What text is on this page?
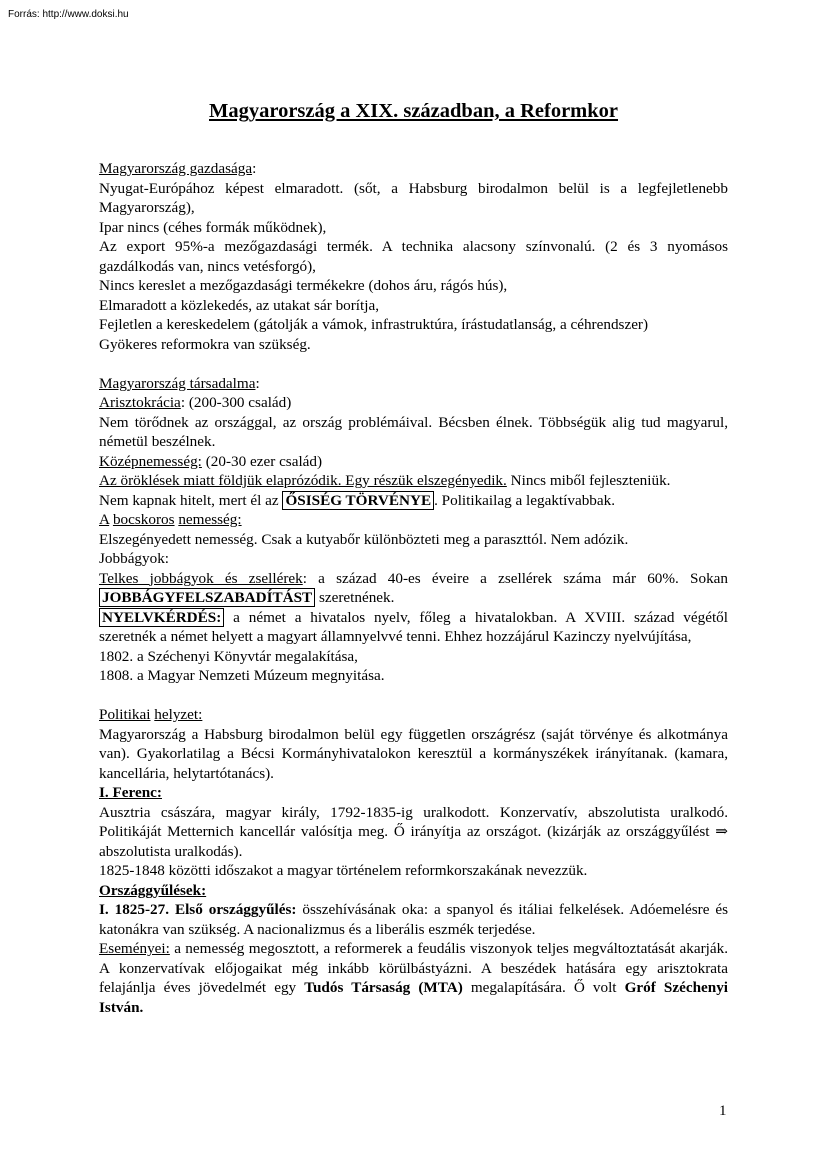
Forrás: http://www.doksi.hu
Magyarország a XIX. században, a Reformkor

Magyarország gazdasága:

Nyugat-Európához képest elmaradott. (sőt, a Habsburg birodalmon belül is a legfejletlenebb Magyarország),

Ipar nincs (céhes formák működnek),

Az export 95%-a mezőgazdasági termék. A technika alacsony színvonalú. (2 és 3 nyomásos gazdálkodás van, nincs vetésforgó),

Nincs kereslet a mezőgazdasági termékekre (dohos áru, rágós hús),

Elmaradott a közlekedés, az utakat sár borítja,

Fejletlen a kereskedelem (gátolják a vámok, infrastruktúra, írástudatlanság, a céhrendszer)

Gyökeres reformokra van szükség.

Magyarország társadalma:

Arisztokrácia: (200-300 család)

Nem törődnek az országgal, az ország problémáival. Bécsben élnek. Többségük alig tud magyarul, németül beszélnek.

Középnemesség: (20-30 ezer család)

Az öröklések miatt földjük elaprózódik. Egy részük elszegényedik. Nincs miből fejleszteniük.

Nem kapnak hitelt, mert él az ŐSISÉG TÖRVÉNYE . Politikailag a legaktívabbak.

A bocskoros nemesség:

Elszegényedett nemesség. Csak a kutyabőr különbözteti meg a paraszttól. Nem adózik.

Jobbágyok:

Telkes jobbágyok és zsellérek: a század 40-es éveire a zsellérek száma már 60%. Sokan JOBBÁGYFELSZABADÍTÁST szeretnének.

NYELVKÉRDÉS: a német a hivatalos nyelv, főleg a hivatalokban. A XVIII. század végétől szeretnék a német helyett a magyart államnyelvvé tenni. Ehhez hozzájárul Kazinczy nyelvújítása,

1802. a Széchenyi Könyvtár megalakítása,

1808. a Magyar Nemzeti Múzeum megnyitása.

Politikai helyzet:

Magyarország a Habsburg birodalmon belül egy független országrész (saját törvénye és alkotmánya van). Gyakorlatilag a Bécsi Kormányhivatalokon keresztül a kormányszékek irányítanak. (kamara, kancellária, helytartótanács).

I. Ferenc:

Ausztria császára, magyar király, 1792-1835-ig uralkodott. Konzervatív, abszolutista uralkodó. Politikáját Metternich kancellár valósítja meg. Ő irányítja az országot. (kizárják az országgyűlést ⇒ abszolutista uralkodás).

1825-1848 közötti időszakot a magyar történelem reformkorszakának nevezzük.

Országgyűlések:

I. 1825-27. Első országgyűlés: összehívásának oka: a spanyol és itáliai felkelések. Adóemelésre és katonákra van szükség. A nacionalizmus és a liberális eszmék terjedése.

Eseményei: a nemesség megosztott, a reformerek a feudális viszonyok teljes megváltoztatását akarják. A konzervatívak előjogaikat még inkább körülbástyázni. A beszédek hatására egy arisztokrata felajánlja éves jövedelmét egy Tudós Társaság (MTA) megalapítására. Ő volt Gróf Széchenyi István.

1
